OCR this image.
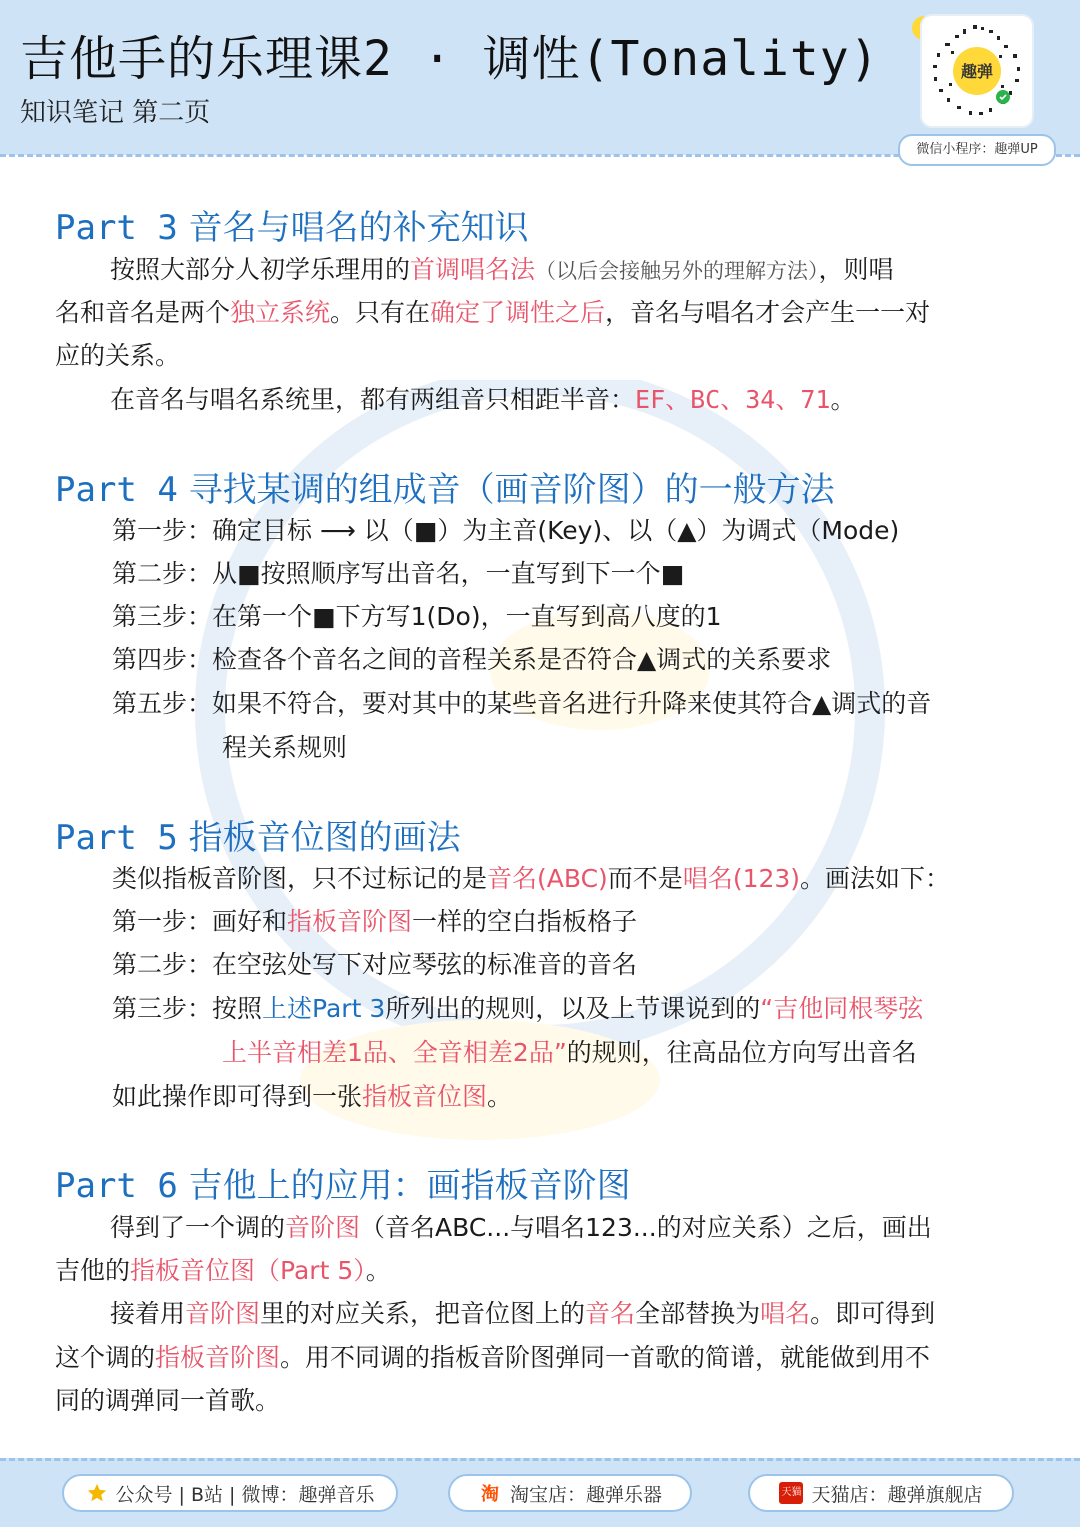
吉他手的乐理课2 · 调性(Tonality)
知识笔记 第二页
趣弹
微信小程序：趣弹UP
Part 3 音名与唱名的补充知识
按照大部分人初学乐理用的首调唱名法（以后会接触另外的理解方法），则唱
名和音名是两个独立系统。只有在确定了调性之后，音名与唱名才会产生一一对
应的关系。
在音名与唱名系统里，都有两组音只相距半音：EF、BC、34、71。
Part 4 寻找某调的组成音（画音阶图）的一般方法
第一步：确定目标 ⟶ 以（■）为主音(Key)、以（▲）为调式（Mode)
第二步：从■按照顺序写出音名，一直写到下一个■
第三步：在第一个■下方写1(Do)，一直写到高八度的1
第四步：检查各个音名之间的音程关系是否符合▲调式的关系要求
第五步：如果不符合，要对其中的某些音名进行升降来使其符合▲调式的音
程关系规则
Part 5 指板音位图的画法
类似指板音阶图，只不过标记的是音名(ABC)而不是唱名(123)。画法如下：
第一步：画好和指板音阶图一样的空白指板格子
第二步：在空弦处写下对应琴弦的标准音的音名
第三步：按照上述Part 3所列出的规则，以及上节课说到的“吉他同根琴弦
上半音相差1品、全音相差2品”的规则，往高品位方向写出音名
如此操作即可得到一张指板音位图。
Part 6 吉他上的应用：画指板音阶图
得到了一个调的音阶图（音名ABC...与唱名123...的对应关系）之后，画出
吉他的指板音位图（Part 5）。
接着用音阶图里的对应关系，把音位图上的音名全部替换为唱名。即可得到
这个调的指板音阶图。用不同调的指板音阶图弹同一首歌的简谱，就能做到用不
同的调弹同一首歌。
公众号 | B站 | 微博：趣弹音乐	淘 淘宝店：趣弹乐器	天猫 天猫店：趣弹旗舰店
